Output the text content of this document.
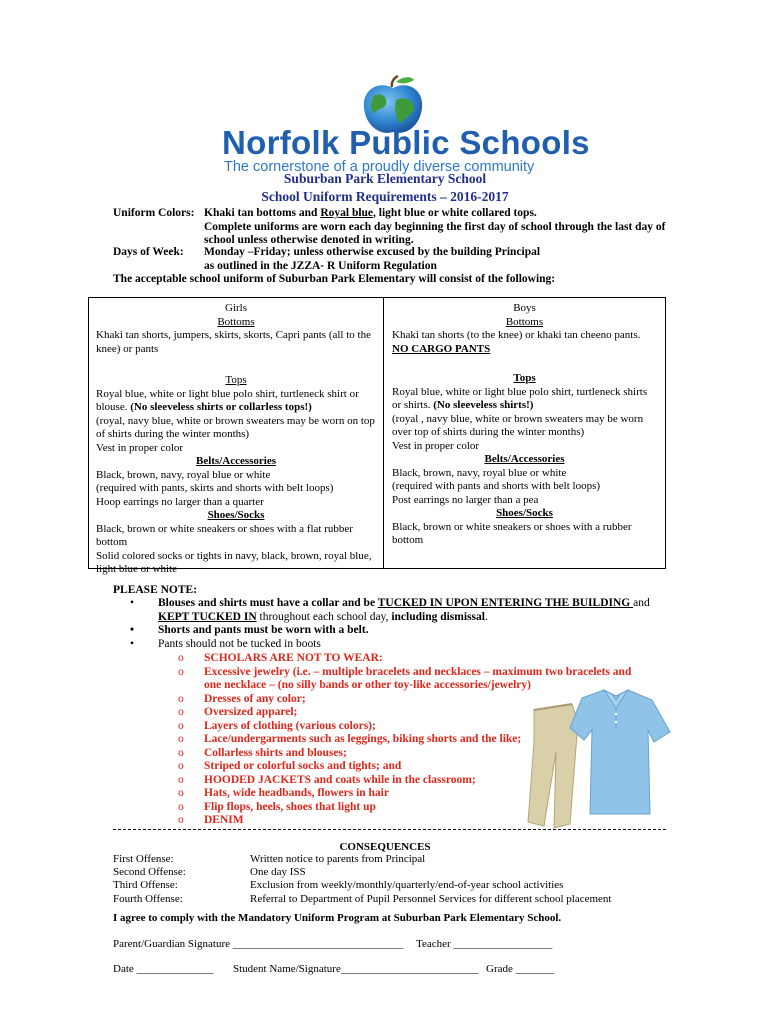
Norfolk Public Schools
The cornerstone of a proudly diverse community
Suburban Park Elementary School
School Uniform Requirements – 2016-2017
Uniform Colors: Khaki tan bottoms and Royal blue, light blue or white collared tops.
Complete uniforms are worn each day beginning the first day of school through the last day of
school unless otherwise denoted in writing.
Days of Week: Monday –Friday; unless otherwise excused by the building Principal
as outlined in the JZZA- R Uniform Regulation
The acceptable school uniform of Suburban Park Elementary will consist of the following:
Girls
Bottoms
Khaki tan shorts, jumpers, skirts, skorts, Capri pants (all to the knee) or pants
Tops
Royal blue, white or light blue polo shirt, turtleneck shirt or blouse. (No sleeveless shirts or collarless tops!)
(royal, navy blue, white or brown sweaters may be worn on top of shirts during the winter months)
Vest in proper color
Belts/Accessories
Black, brown, navy, royal blue or white
(required with pants, skirts and shorts with belt loops)
Hoop earrings no larger than a quarter
Shoes/Socks
Black, brown or white sneakers or shoes with a flat rubber bottom
Solid colored socks or tights in navy, black, brown, royal blue, light blue or white
Boys
Bottoms
Khaki tan shorts (to the knee) or khaki tan cheeno pants.
NO CARGO PANTS
Tops
Royal blue, white or light blue polo shirt, turtleneck shirts or shirts. (No sleeveless shirts!)
(royal , navy blue, white or brown sweaters may be worn over top of shirts during the winter months)
Vest in proper color
Belts/Accessories
Black, brown, navy, royal blue or white
(required with pants and shorts with belt loops)
Post earrings no larger than a pea
Shoes/Socks
Black, brown or white sneakers or shoes with a rubber bottom
PLEASE NOTE:
• Blouses and shirts must have a collar and be TUCKED IN UPON ENTERING THE BUILDING and
KEPT TUCKED IN throughout each school day, including dismissal.
• Shorts and pants must be worn with a belt.
• Pants should not be tucked in boots
o SCHOLARS ARE NOT TO WEAR:
o Excessive jewelry (i.e. – multiple bracelets and necklaces – maximum two bracelets and one necklace – (no silly bands or other toy-like accessories/jewelry)
o Dresses of any color;
o Oversized apparel;
o Layers of clothing (various colors);
o Lace/undergarments such as leggings, biking shorts and the like;
o Collarless shirts and blouses;
o Striped or colorful socks and tights; and
o HOODED JACKETS and coats while in the classroom;
o Hats, wide headbands, flowers in hair
o Flip flops, heels, shoes that light up
o DENIM
CONSEQUENCES
First Offense:
Second Offense:
Third Offense:
Fourth Offense:
Written notice to parents from Principal
One day ISS
Exclusion from weekly/monthly/quarterly/end-of-year school activities
Referral to Department of Pupil Personnel Services for different school placement
I agree to comply with the Mandatory Uniform Program at Suburban Park Elementary School.
Parent/Guardian Signature _______________________________ Teacher __________________
Date ______________ Student Name/Signature_________________________ Grade _______
